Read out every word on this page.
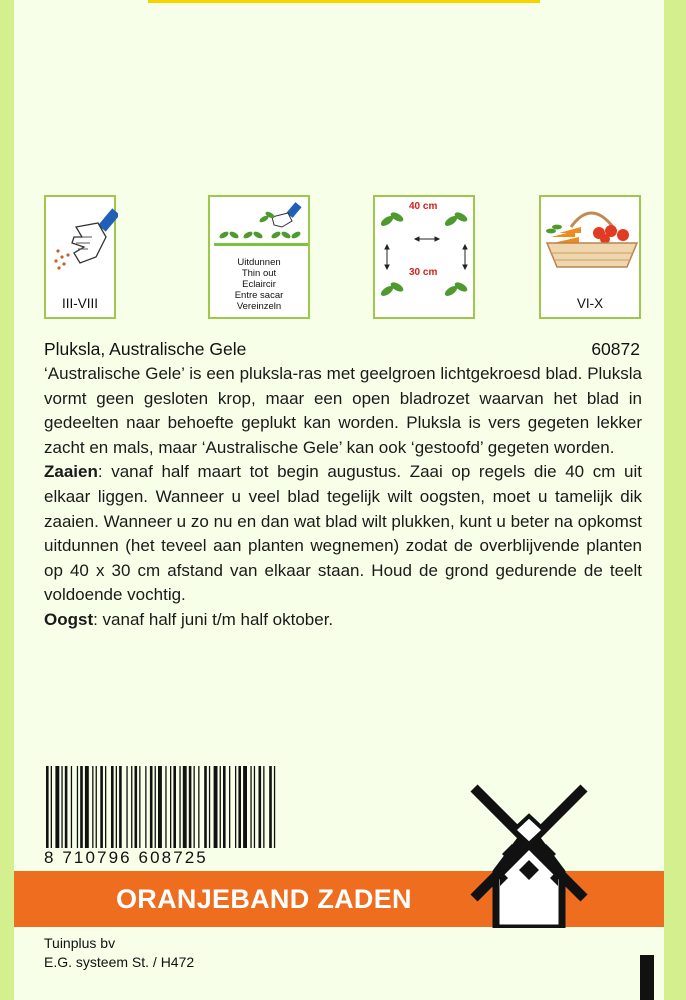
III-VIII
Uitdunnen
Thin out
Eclaircir
Entre sacar
Vereinzeln
40 cm
30 cm
VI-X
Pluksla, Australische Gele	60872

‘Australische Gele’ is een pluksla-ras met geelgroen lichtgekroesd blad. Pluksla vormt geen gesloten krop, maar een open bladrozet waarvan het blad in gedeelten naar behoefte geplukt kan worden. Pluksla is vers gegeten lekker zacht en mals, maar ‘Australische Gele’ kan ook ‘gestoofd’ gegeten worden.

Zaaien: vanaf half maart tot begin augustus. Zaai op regels die 40 cm uit elkaar liggen. Wanneer u veel blad tegelijk wilt oogsten, moet u tamelijk dik zaaien. Wanneer u zo nu en dan wat blad wilt plukken, kunt u beter na opkomst uitdunnen (het teveel aan planten wegnemen) zodat de overblijvende planten op 40 x 30 cm afstand van elkaar staan. Houd de grond gedurende de teelt voldoende vochtig.

Oogst: vanaf half juni t/m half oktober.

8 710796 608725
ORANJEBAND ZADEN
Tuinplus bv
E.G. systeem St. / H472
